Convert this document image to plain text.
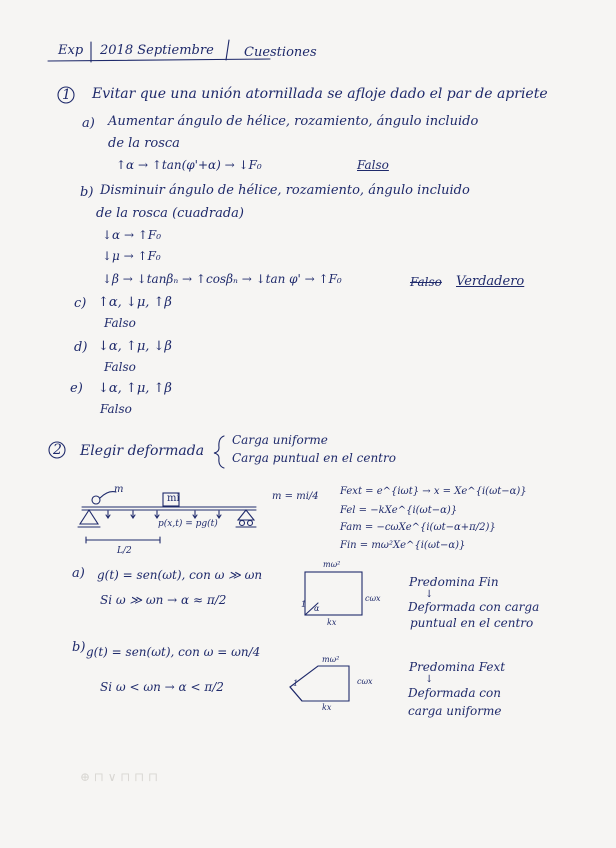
⊕ ⊓ ∨ ⊓ ⊓ ⊓
Exp 2018 Septiembre Cuestiones
1 Evitar que una unión atornillada se afloje dado el par de apriete
a) Aumentar ángulo de hélice, rozamiento, ángulo incluido
de la rosca
↑α → ↑tan(φ'+α) → ↓F₀	Falso
b) Disminuir ángulo de hélice, rozamiento, ángulo incluido
de la rosca (cuadrada)
↓α → ↑F₀
↓μ → ↑F₀
↓β → ↓tanβₙ → ↑cosβₙ → ↓tan φ' → ↑F₀	Falso Verdadero
c) ↑α, ↓μ, ↑β
Falso
d) ↓α, ↑μ, ↓β
Falso
e) ↓α, ↑μ, ↑β
Falso
2 Elegir deformada
Carga uniforme
Carga puntual en el centro
m
mi
p(x,t) = pg(t)
L/2
m = mi/4 Fext = e^{iωt} → x = Xe^{i(ωt−α)}
Fel = −kXe^{i(ωt−α)}
Fam = −cωXe^{i(ωt−α+π/2)}
Fin = mω²Xe^{i(ωt−α)}
a) g(t) = sen(ωt), con ω ≫ ωn
Si ω ≫ ωn → α ≈ π/2
mω²
cωx
kx
1 α
Predomina Fin
↓
Deformada con carga
puntual en el centro
b) g(t) = sen(ωt), con ω = ωn/4
Si ω < ωn → α < π/2
mω²
cωx
kx
1
Predomina Fext
↓
Deformada con
carga uniforme
